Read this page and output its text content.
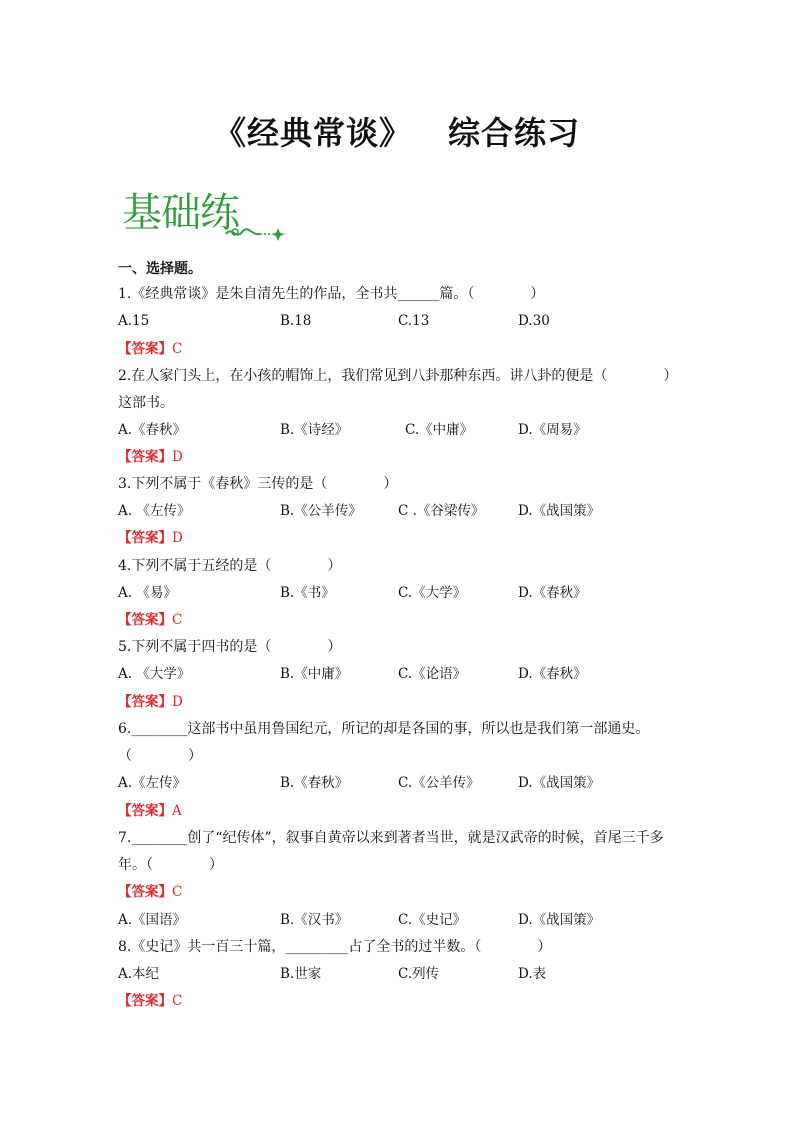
《经典常谈》 综合练习
基础练
一、选择题。
1.《经典常谈》是朱自清先生的作品，全书共______篇。（　　　　）
A.15	B.18	C.13	D.30
【答案】C
2.在人家门头上，在小孩的帽饰上，我们常见到八卦那种东西。讲八卦的便是（　　　　）
这部书。
A.《春秋》	B.《诗经》	C.《中庸》	D.《周易》
【答案】D
3.下列不属于《春秋》三传的是（　　　　）
A. 《左传》	B.《公羊传》	C .《谷梁传》 D.《战国策》
【答案】D
4.下列不属于五经的是（　　　　）
A. 《易》	B.《书》	C.《大学》	D.《春秋》
【答案】C
5.下列不属于四书的是（　　　　）
A. 《大学》	B.《中庸》	C.《论语》	D.《春秋》
【答案】D
6.________这部书中虽用鲁国纪元，所记的却是各国的事，所以也是我们第一部通史。
（　　　　）
A.《左传》	B.《春秋》	C.《公羊传》	D.《战国策》
【答案】A
7.________创了“纪传体”，叙事自黄帝以来到著者当世，就是汉武帝的时候，首尾三千多
年。（　　　　）
【答案】C
A.《国语》	B.《汉书》	C.《史记》	D.《战国策》
8.《史记》共一百三十篇，_________占了全书的过半数。（　　　　）
A.本纪	B.世家	C.列传	D.表
【答案】C
